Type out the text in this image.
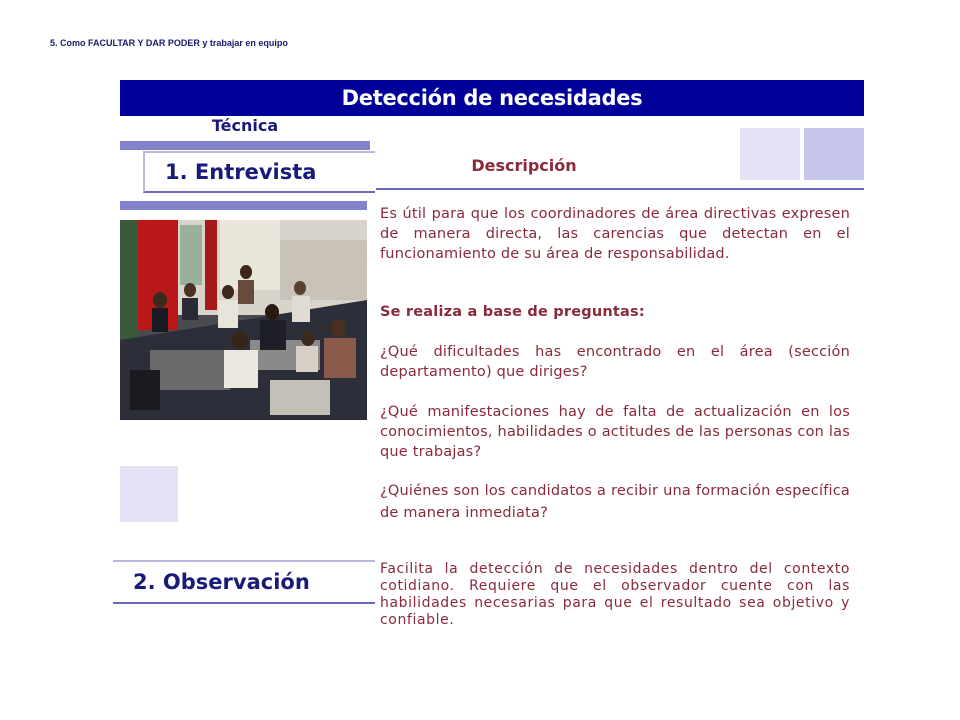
5. Como FACULTAR Y DAR PODER y trabajar en equipo
Detección de necesidades
Técnica
1. Entrevista	Descripción
Es útil para que los coordinadores de área directivas expresen de manera directa, las carencias que detectan en el funcionamiento de su área de responsabilidad.
Se realiza a base de preguntas:
¿Qué dificultades has encontrado en el área (sección departamento) que diriges?
¿Qué manifestaciones hay de falta de actualización en los conocimientos, habilidades o actitudes de las personas con las que trabajas?
¿Quiénes son los candidatos a recibir una formación específica de manera inmediata?
2. Observación
Facilita la detección de necesidades dentro del contexto cotidiano. Requiere que el observador cuente con las habilidades necesarias para que el resultado sea objetivo y confiable.
